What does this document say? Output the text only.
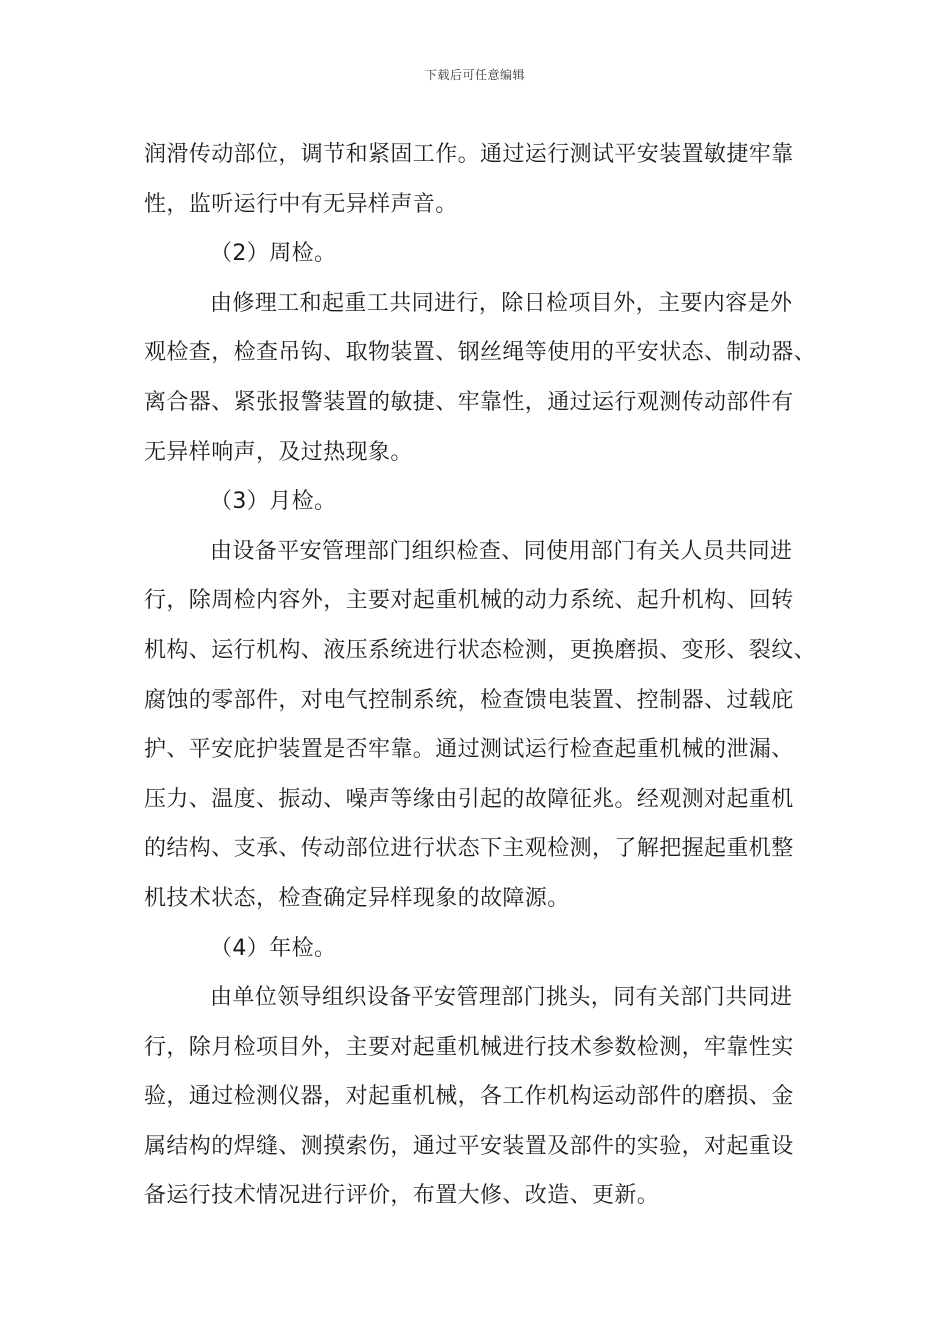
下载后可任意编辑
润滑传动部位，调节和紧固工作。通过运行测试平安装置敏捷牢靠
性，监听运行中有无异样声音。
（2）周检。
由修理工和起重工共同进行，除日检项目外，主要内容是外
观检查，检查吊钩、取物装置、钢丝绳等使用的平安状态、制动器、
离合器、紧张报警装置的敏捷、牢靠性，通过运行观测传动部件有
无异样响声，及过热现象。
（3）月检。
由设备平安管理部门组织检查、同使用部门有关人员共同进
行，除周检内容外，主要对起重机械的动力系统、起升机构、回转
机构、运行机构、液压系统进行状态检测，更换磨损、变形、裂纹、
腐蚀的零部件，对电气控制系统，检查馈电装置、控制器、过载庇
护、平安庇护装置是否牢靠。通过测试运行检查起重机械的泄漏、
压力、温度、振动、噪声等缘由引起的故障征兆。经观测对起重机
的结构、支承、传动部位进行状态下主观检测，了解把握起重机整
机技术状态，检查确定异样现象的故障源。
（4）年检。
由单位领导组织设备平安管理部门挑头，同有关部门共同进
行，除月检项目外，主要对起重机械进行技术参数检测，牢靠性实
验，通过检测仪器，对起重机械，各工作机构运动部件的磨损、金
属结构的焊缝、测摸索伤，通过平安装置及部件的实验，对起重设
备运行技术情况进行评价，布置大修、改造、更新。
